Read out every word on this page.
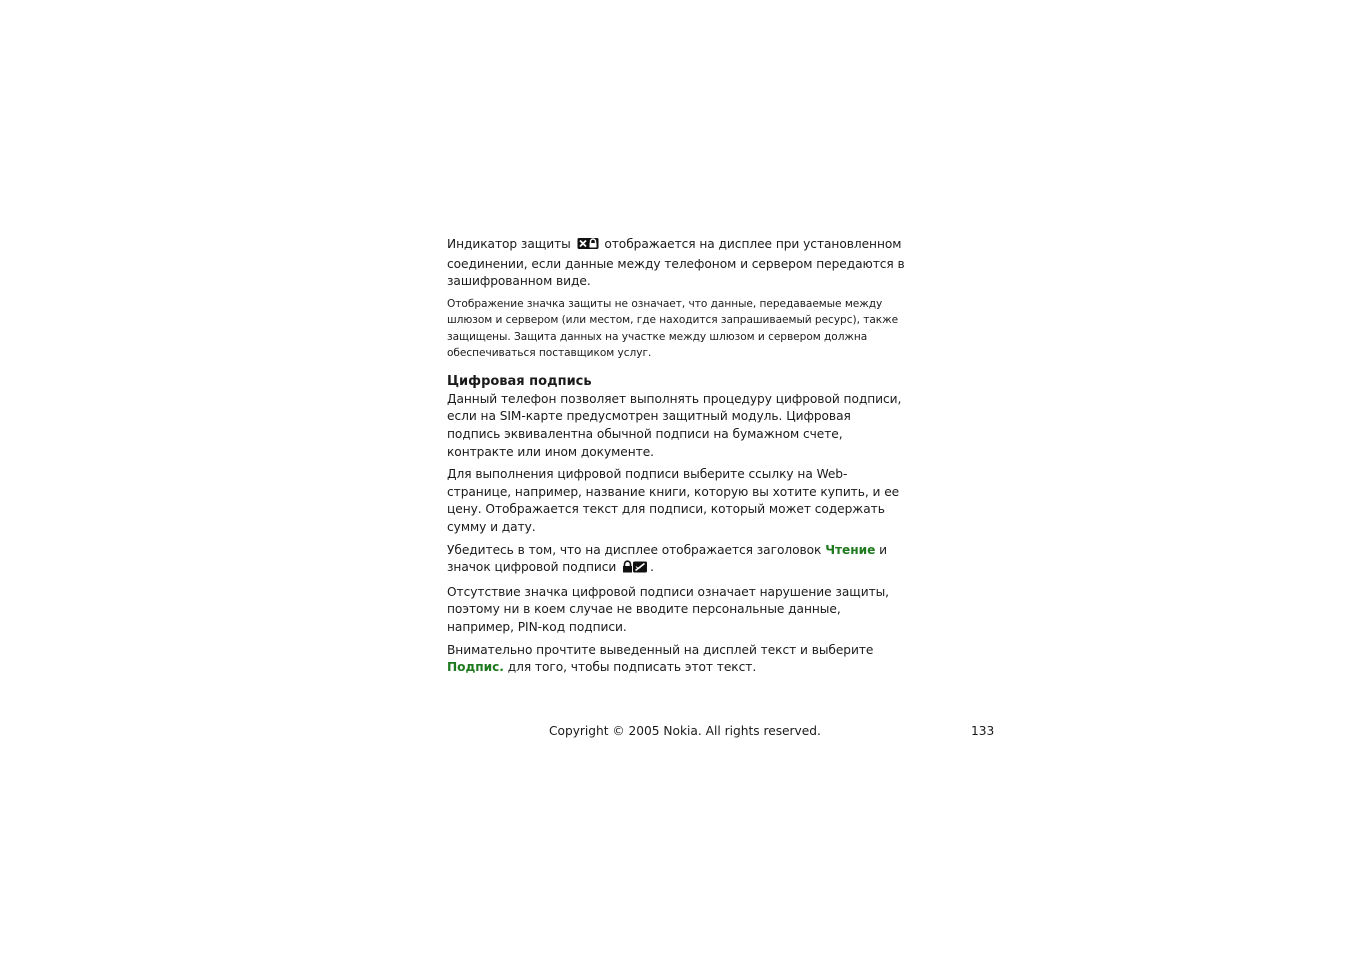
Индикатор защиты  отображается на дисплее при установленном соединении, если данные между телефоном и сервером передаются в зашифрованном виде.

Отображение значка защиты не означает, что данные, передаваемые между шлюзом и сервером (или местом, где находится запрашиваемый ресурс), также защищены. Защита данных на участке между шлюзом и сервером должна обеспечиваться поставщиком услуг.

Цифровая подпись

Данный телефон позволяет выполнять процедуру цифровой подписи, если на SIM-карте предусмотрен защитный модуль. Цифровая подпись эквивалентна обычной подписи на бумажном счете, контракте или ином документе.

Для выполнения цифровой подписи выберите ссылку на Web-странице, например, название книги, которую вы хотите купить, и ее цену. Отображается текст для подписи, который может содержать сумму и дату.

Убедитесь в том, что на дисплее отображается заголовок Чтение и значок цифровой подписи .

Отсутствие значка цифровой подписи означает нарушение защиты, поэтому ни в коем случае не вводите персональные данные, например, PIN-код подписи.

Внимательно прочтите выведенный на дисплей текст и выберите Подпис. для того, чтобы подписать этот текст.

Copyright © 2005 Nokia. All rights reserved.	133
